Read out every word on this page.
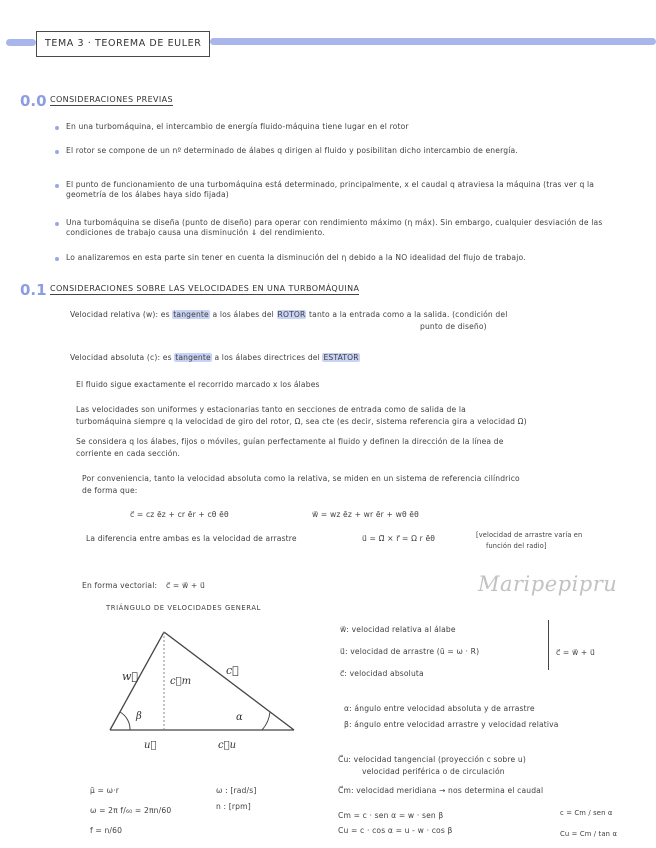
TEMA 3 · TEOREMA DE EULER
0.0 CONSIDERACIONES PREVIAS
En una turbomáquina, el intercambio de energía fluido-máquina tiene lugar en el rotor
El rotor se compone de un nº determinado de álabes q dirigen al fluido y posibilitan dicho intercambio de energía.
El punto de funcionamiento de una turbomáquina está determinado, principalmente, x el caudal q atraviesa la máquina (tras ver q la geometría de los álabes haya sido fijada)
Una turbomáquina se diseña (punto de diseño) para operar con rendimiento máximo (η máx). Sin embargo, cualquier desviación de las condiciones de trabajo causa una disminución ⇓ del rendimiento.
Lo analizaremos en esta parte sin tener en cuenta la disminución del η debido a la NO idealidad del flujo de trabajo.
0.1 CONSIDERACIONES SOBRE LAS VELOCIDADES EN UNA TURBOMÁQUINA
Velocidad relativa (w): es tangente a los álabes del ROTOR tanto a la entrada como a la salida. (condición del
punto de diseño)
Velocidad absoluta (c): es tangente a los álabes directrices del ESTATOR
El fluido sigue exactamente el recorrido marcado x los álabes
Las velocidades son uniformes y estacionarias tanto en secciones de entrada como de salida de la
turbomáquina siempre q la velocidad de giro del rotor, Ω, sea cte (es decir, sistema referencia gira a velocidad Ω)
Se considera q los álabes, fijos o móviles, guían perfectamente al fluido y definen la dirección de la línea de
corriente en cada sección.
Por conveniencia, tanto la velocidad absoluta como la relativa, se miden en un sistema de referencia cilíndrico
de forma que:
c⃗ = cz ēz + cr ēr + cθ ēθ	w⃗ = wz ēz + wr ēr + wθ ēθ
La diferencia entre ambas es la velocidad de arrastre	u⃗ = Ω⃗ × r⃗ = Ω r ēθ	[velocidad de arrastre varía en
función del radio]
En forma vectorial: c⃗ = w⃗ + u⃗	Maripepipru
TRIÁNGULO DE VELOCIDADES GENERAL
w⃗	c⃗m
c⃗
β	α
u⃗	c⃗u
w⃗: velocidad relativa al álabe
u⃗: velocidad de arrastre (ū = ω · R)
c⃗: velocidad absoluta
c⃗ = w⃗ + u⃗
α: ángulo entre velocidad absoluta y de arrastre
β: ángulo entre velocidad arrastre y velocidad relativa
C⃗u: velocidad tangencial (proyección c sobre u)
velocidad periférica o de circulación
C⃗m: velocidad meridiana → nos determina el caudal
μ̄ = ω·r
ω = 2π f/₆₀ = 2πn/60
f = n/60
ω : [rad/s]
n : [rpm]
Cm = c · sen α = w · sen β
Cu = c · cos α = u - w · cos β
c = Cm / sen α
Cu = Cm / tan α
